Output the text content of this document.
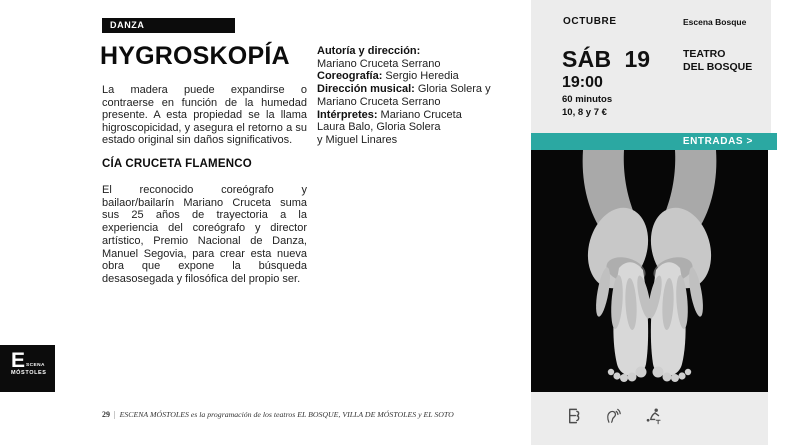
DANZA
HYGROSKOPÍA

La madera puede expandirse o contraerse en función de la humedad presente. A esta propiedad se la llama higroscopicidad, y asegura el retorno a su estado original sin daños significativos.

CÍA CRUCETA FLAMENCO

El reconocido coreógrafo y bailaor/bailarín Mariano Cruceta suma sus 25 años de trayectoria a la experiencia del coreógrafo y director artístico, Premio Nacional de Danza, Manuel Segovia, para crear esta nueva obra que expone la búsqueda desasosegada y filosófica del propio ser.

Autoría y dirección:
Mariano Cruceta Serrano
Coreografía: Sergio Heredia
Dirección musical: Gloria Solera y
Mariano Cruceta Serrano
Intérpretes: Mariano Cruceta
Laura Balo, Gloria Solera
y Miguel Linares
OCTUBRE	Escena Bosque
SÁB 19
19:00
60 minutos
10, 8 y 7 €
TEATRO
DEL BOSQUE
ENTRADAS >
E SCENA
MÓSTOLES
29 | ESCENA MÓSTOLES es la programación de los teatros EL BOSQUE, VILLA DE MÓSTOLES y EL SOTO
